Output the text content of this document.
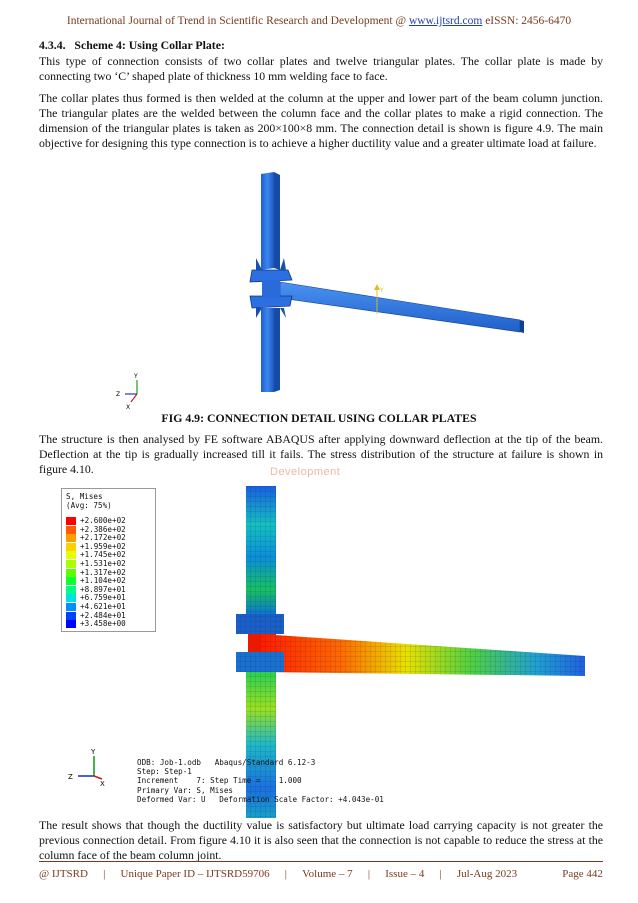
International Journal of Trend in Scientific Research and Development @ www.ijtsrd.com eISSN: 2456-6470
4.3.4. Scheme 4: Using Collar Plate:

This type of connection consists of two collar plates and twelve triangular plates. The collar plate is made by connecting two ‘C’ shaped plate of thickness 10 mm welding face to face.

The collar plates thus formed is then welded at the column at the upper and lower part of the beam column junction. The triangular plates are the welded between the column face and the collar plates to make a rigid connection. The dimension of the triangular plates is taken as 200×100×8 mm. The connection detail is shown is figure 4.9. The main objective for designing this type connection is to achieve a higher ductility value and a greater ultimate load at failure.

Y
Y
Z
X
FIG 4.9: CONNECTION DETAIL USING COLLAR PLATES

The structure is then analysed by FE software ABAQUS after applying downward deflection at the tip of the beam. Deflection at the tip is gradually increased till it fails. The stress distribution of the structure at failure is shown in figure 4.10.	Development
S, Mises
(Avg: 75%)
+2.600e+02
+2.386e+02
+2.172e+02
+1.959e+02
+1.745e+02
+1.531e+02
+1.317e+02
+1.104e+02
+8.897e+01
+6.759e+01
+4.621e+01
+2.484e+01
+3.458e+00
Y
Z
X
ODB: Job-1.odb   Abaqus/Standard 6.12-3
Step: Step-1
Increment    7: Step Time =    1.000
Primary Var: S, Mises
Deformed Var: U   Deformation Scale Factor: +4.043e-01

The result shows that though the ductility value is satisfactory but ultimate load carrying capacity is not greater the previous connection detail. From figure 4.10 it is also seen that the connection is not capable to reduce the stress at the column face of the beam column joint.

@ IJTSRD | Unique Paper ID – IJTSRD59706 | Volume – 7 | Issue – 4 | Jul-Aug 2023	Page 442
